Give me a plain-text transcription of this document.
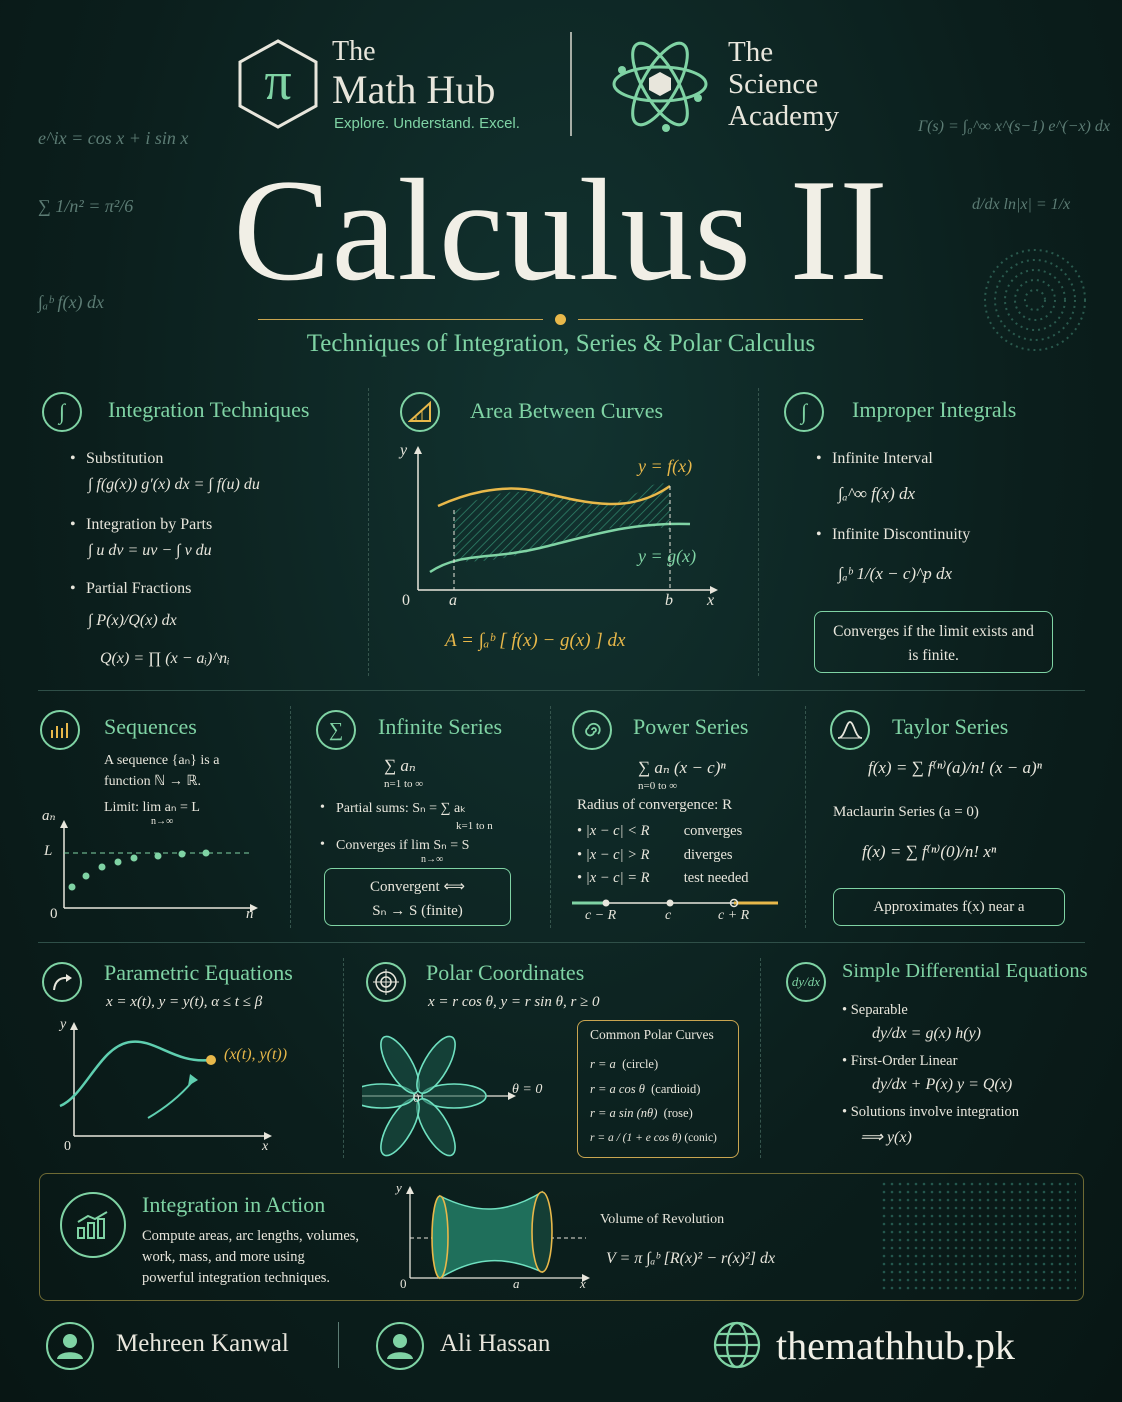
e^ix = cos x + i sin x
∑ 1/n² = π²/6
∫ₐᵇ f(x) dx
Γ(s) = ∫₀^∞ x^(s−1) e^(−x) dx
d/dx ln|x| = 1/x
π	The
Math Hub
Explore. Understand. Excel.
The
Science
Academy
Calculus II
Techniques of Integration, Series & Polar Calculus
∫	Integration Techniques
• Substitution
∫ f(g(x)) g′(x) dx = ∫ f(u) du
• Integration by Parts
∫ u dv = uv − ∫ v du
• Partial Fractions
∫ P(x)/Q(x) dx
Q(x) = ∏ (x − aᵢ)^nᵢ
Area Between Curves
y = f(x)
y = g(x)
y
x
0 a	b
A = ∫ₐᵇ [ f(x) − g(x) ] dx
∫	Improper Integrals
• Infinite Interval
∫ₐ^∞ f(x) dx
• Infinite Discontinuity
∫ₐᵇ 1/(x − c)^p dx
Converges if the limit exists and is finite.
Sequences
A sequence {aₙ} is a
function ℕ → ℝ.
Limit: lim aₙ = L
n→∞
aₙ
L
0	n
∑	Infinite Series
∑ aₙ
n=1 to ∞
• Partial sums: Sₙ = ∑ aₖ
k=1 to n
• Converges if lim Sₙ = S
n→∞
Convergent ⟺
Sₙ → S (finite)
Power Series
∑ aₙ (x − c)ⁿ
n=0 to ∞
Radius of convergence: R
• |x − c| < R converges
• |x − c| > R diverges
• |x − c| = R test needed
c − R	c	c + R
Taylor Series
f(x) = ∑ f⁽ⁿ⁾(a)/n! (x − a)ⁿ
Maclaurin Series (a = 0)
f(x) = ∑ f⁽ⁿ⁾(0)/n! xⁿ
Approximates f(x) near a
Parametric Equations
x = x(t), y = y(t), α ≤ t ≤ β
(x(t), y(t))
y
0	x
Polar Coordinates
x = r cos θ, y = r sin θ, r ≥ 0
θ = 0
0
Common Polar Curves
r = a (circle)
r = a cos θ (cardioid)
r = a sin (nθ) (rose)
r = a / (1 + e cos θ) (conic)
dy/dx Simple Differential Equations
• Separable
dy/dx = g(x) h(y)
• First-Order Linear
dy/dx + P(x) y = Q(x)
• Solutions involve integration
⟹ y(x)
Integration in Action
Compute areas, arc lengths, volumes,
work, mass, and more using
powerful integration techniques.
y
x
a
0
Volume of Revolution
V = π ∫ₐᵇ [R(x)² − r(x)²] dx
Mehreen Kanwal	Ali Hassan	themathhub.pk
